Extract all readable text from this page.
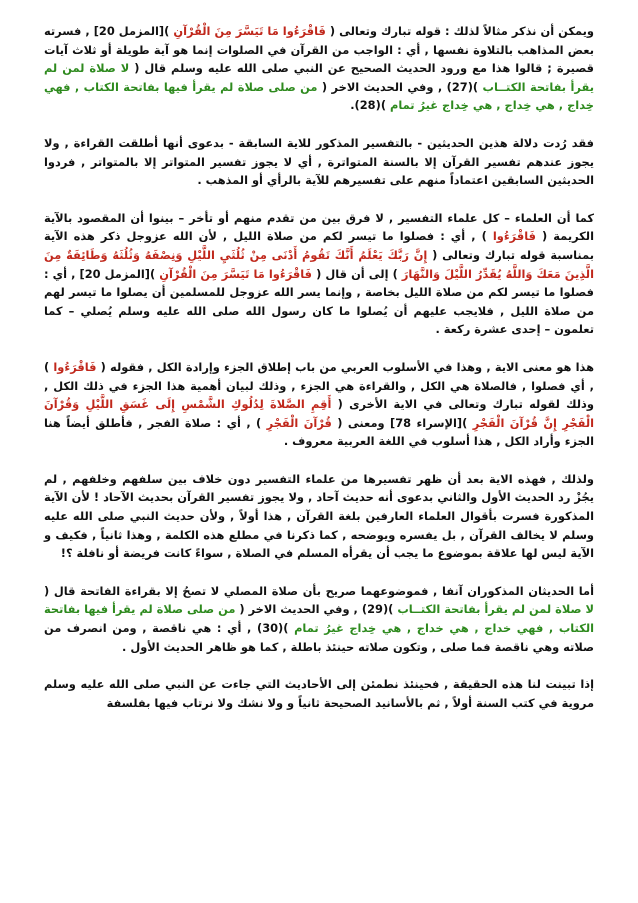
ويمكن أن نذكر مثالاً لذلك : قوله تبارك وتعالى ( فَاقْرَءُوا مَا تَيَسَّرَ مِنَ الْقُرْآنِ )[المزمل 20] , فسرته بعض المذاهب بالتلاوة نفسها , أي : الواجب من القرآن في الصلوات إنما هو آية طويلة أو ثلاث آيات قصيرة ; قالوا هذا مع ورود الحديث الصحيح عن النبي صلى الله عليه وسلم قال ( لا صلاة لمن لم يقرأ بفاتحة الكتــاب )(27) , وفي الحديث الاخر ( من صلى صلاة لم يقرأ فيها بفاتحة الكتاب , فهي خِداج , هي خِداج , هي خِداج غيرُ تمام )(28).

فقد رُدت دلالة هذين الحديثين - بالتفسير المذكور للاية السابقة - بدعوى أنها أطلقت القراءة , ولا يجوز عندهم تفسير القرآن إلا بالسنة المتواترة , أي لا يجوز تفسير المتواتر إلا بالمتواتر , فردوا الحديثين السابقين اعتماداً منهم على تفسيرهم للآية بالرأي أو المذهب .

كما أن العلماء – كل علماء التفسير , لا فرق بين من تقدم منهم أو تأخر – بينوا أن المقصود بالآية الكريمة ( فَاقْرَءُوا ) , أي : فصلوا ما تيسر لكم من صلاة الليل , لأن الله عزوجل ذكر هذه الآية بمناسبة قوله تبارك وتعالى ( إِنَّ رَبَّكَ يَعْلَمُ أَنَّكَ تَقُومُ أَدْنَى مِنْ ثُلُثَيِ اللَّيْلِ وَنِصْفَهُ وَثُلُثَهُ وَطَائِفَةٌ مِنَ الَّذِينَ مَعَكَ وَاللَّهُ يُقَدِّرُ اللَّيْلَ وَالنَّهَارَ ) إلى أن قال ( فَاقْرَءُوا مَا تَيَسَّرَ مِنَ الْقُرْآنِ )[المزمل 20] , أي : فصلوا ما تيسر لكم من صلاة الليل بخاصة , وإنما يسر الله عزوجل للمسلمين أن يصلوا ما تيسر لهم من صلاة الليل , فلايجب عليهم أن يُصلوا ما كان رسول الله صلى الله عليه وسلم يُصلي – كما تعلمون – إحدى عشرة ركعة .

هذا هو معنى الاية , وهذا في الأسلوب العربي من باب إطلاق الجزء وإرادة الكل , فقوله ( فَاقْرَءُوا ) , أي فصلوا , فالصلاة هي الكل , والقراءة هي الجزء , وذلك لبيان أهمية هذا الجزء في ذلك الكل , وذلك لقوله تبارك وتعالى في الاية الأخرى ( أَقِمِ الصَّلاةَ لِدُلُوكِ الشَّمْسِ إِلَى غَسَقِ اللَّيْلِ وَقُرْآنَ الْفَجْرِ إِنَّ قُرْآنَ الْفَجْرِ )[الإسراء 78] ومعنى ( قُرْآنَ الْفَجْرِ ) , أي : صلاة الفجر , فأطلق أيضاً هنا الجزء وأراد الكل , هذا أسلوب في اللغة العربية معروف .

ولذلك , فهذه الاية بعد أن ظهر تفسيرها من علماء التفسير دون خلاف بين سلفهم وخلفهم , لم يجُزْ رد الحديث الأول والثاني بدعوى أنه حديث آحاد , ولا يجوز تفسير القرآن بحديث الآحاد ! لأن الآية المذكورة فسرت بأقوال العلماء العارفين بلغة القرآن , هذا أولاً , ولأن حديث النبي صلى الله عليه وسلم لا يخالف القرآن , بل يفسره ويوضحه , كما ذكرنا في مطلع هذه الكلمة , وهذا ثانياً , فكيف و الآية ليس لها علاقة بموضوع ما يجب أن يقرأه المسلم في الصلاة , سواءً كانت فريضة أو نافلة ؟!

أما الحديثان المذكوران آنفا , فموضوعهما صريح بأن صلاة المصلي لا تصحُ إلا بقراءة الفاتحة قال ( لا صلاة لمن لم يقرأ بفاتحة الكتــاب )(29) , وفي الحديث الاخر ( من صلى صلاة لم يقرأ فيها بفاتحة الكتاب , فهي خداج , هي خداج , هي خِداج غيرُ تمام )(30) , أي : هي ناقصة , ومن انصرف من صلاته وهي ناقصة فما صلى , وتكون صلاته حينئذ باطلة , كما هو ظاهر الحديث الأول .

إذا تبينت لنا هذه الحقيقة , فحينئذ نطمئن إلى الأحاديث التي جاءت عن النبي صلى الله عليه وسلم مروية في كتب السنة أولاً , ثم بالأسانيد الصحيحة ثانياً و ولا نشك ولا نرتاب فيها بفلسفة
